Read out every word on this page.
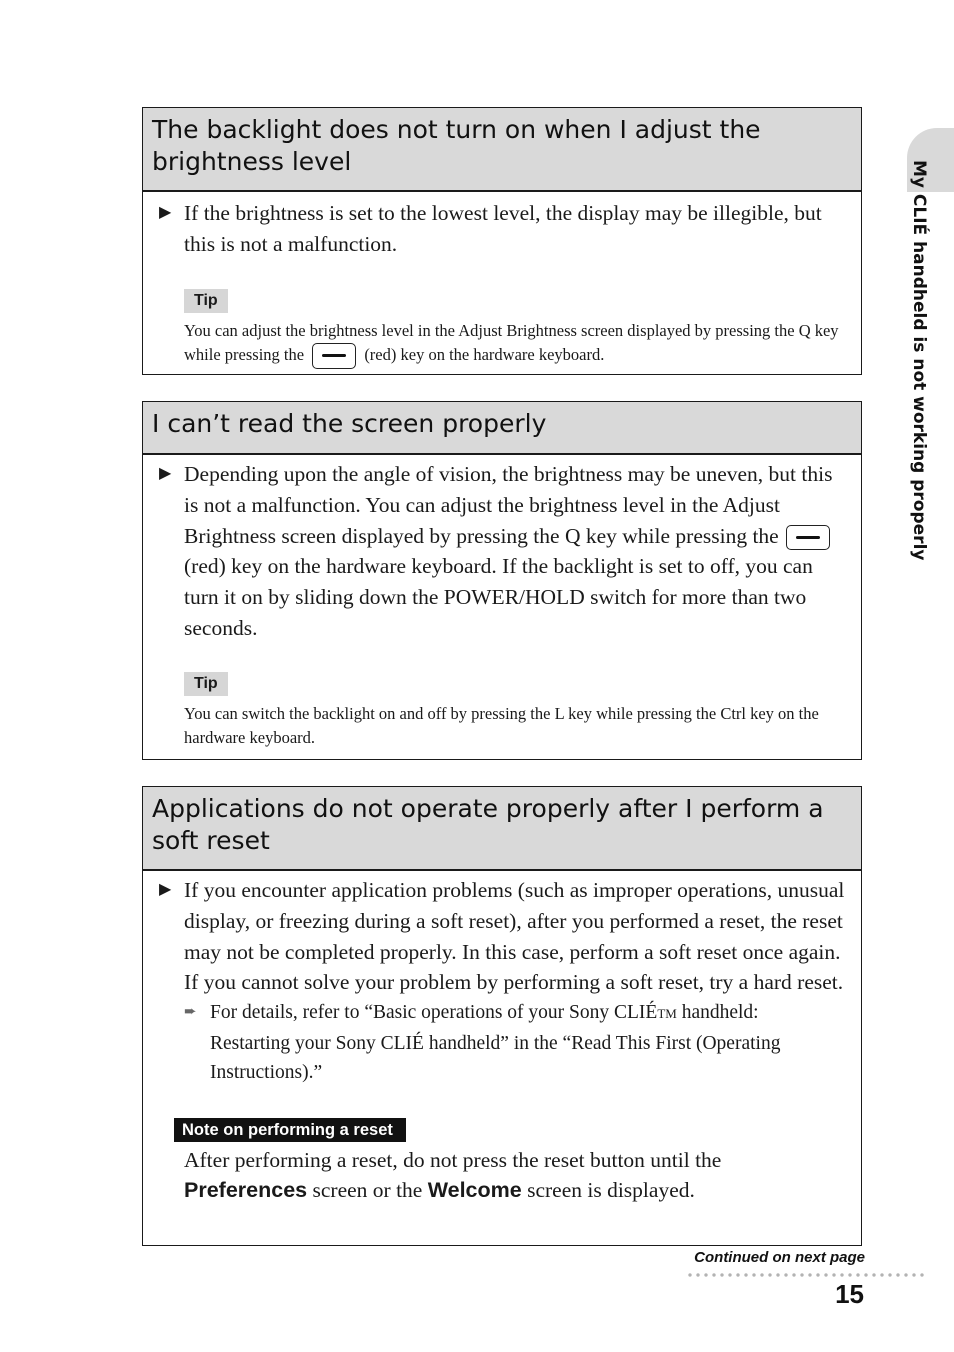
The backlight does not turn on when I adjust the brightness level
▶ If the brightness is set to the lowest level, the display may be illegible, but this is not a malfunction.
Tip
You can adjust the brightness level in the Adjust Brightness screen displayed by pressing the Q key while pressing the	(red) key on the hardware keyboard.
I can’t read the screen properly
▶ Depending upon the angle of vision, the brightness may be uneven, but this is not a malfunction. You can adjust the brightness level in the Adjust Brightness screen displayed by pressing the Q key while pressing the  (red) key on the hardware keyboard. If the backlight is set to off, you can turn it on by sliding down the POWER/HOLD switch for more than two seconds.
Tip
You can switch the backlight on and off by pressing the L key while pressing the Ctrl key on the hardware keyboard.
Applications do not operate properly after I perform a soft reset
▶ If you encounter application problems (such as improper operations, unusual display, or freezing during a soft reset), after you performed a reset, the reset may not be completed properly. In this case, perform a soft reset once again. If you cannot solve your problem by performing a soft reset, try a hard reset.
➨ For details, refer to “Basic operations of your Sony CLIÉTM handheld: Restarting your Sony CLIÉ handheld” in the “Read This First (Operating Instructions).”
Note on performing a reset
After performing a reset, do not press the reset button until the Preferences screen or the Welcome screen is displayed.
My CLIÉ handheld is not working properly
Continued on next page
15
